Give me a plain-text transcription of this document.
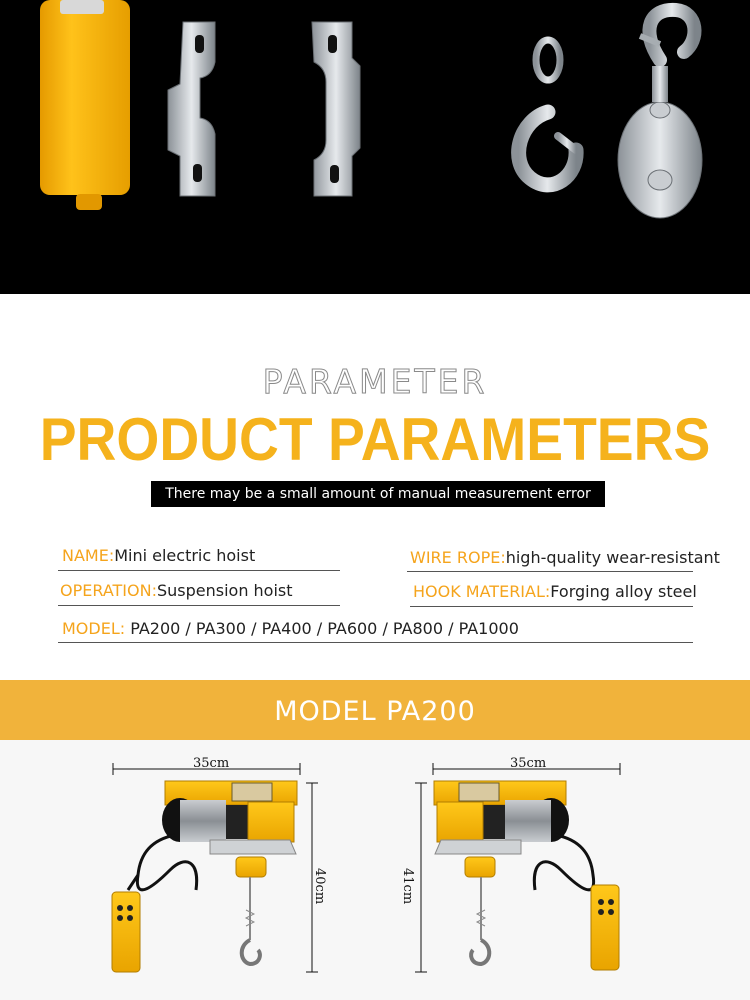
PARAMETER
PRODUCT PARAMETERS
There may be a small amount of manual measurement error
NAME:Mini electric hoist	WIRE ROPE:high-quality wear-resistant
OPERATION:Suspension hoist	HOOK MATERIAL:Forging alloy steel
MODEL: PA200 / PA300 / PA400 / PA600 / PA800 / PA1000
MODEL PA200
35cm
40cm
35cm
41cm
